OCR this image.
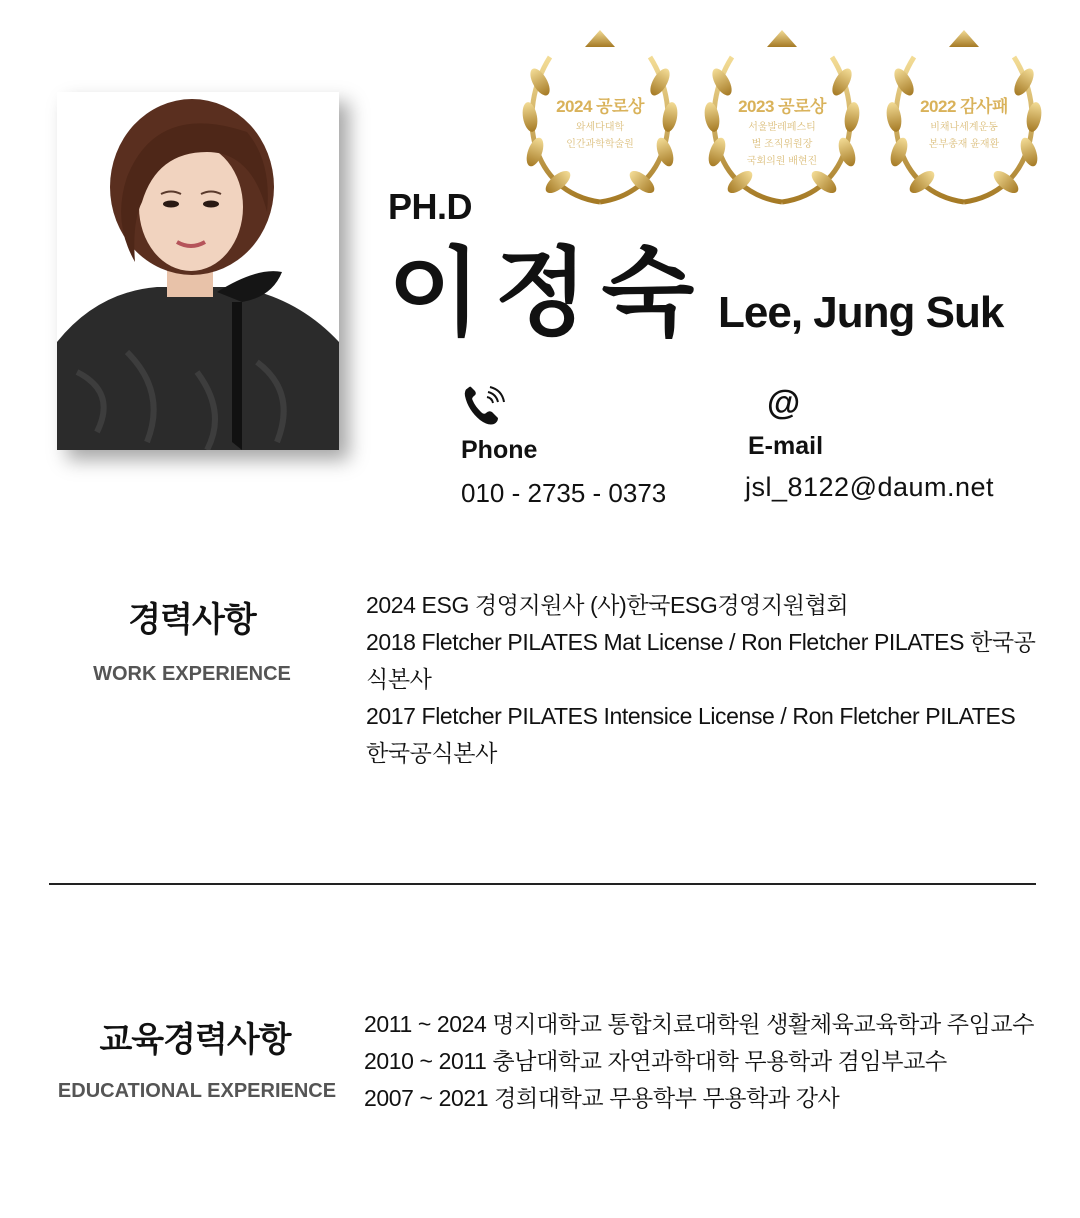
2024 공로상
와세다대학
인간과학학술원
2023 공로상
서울발레페스티
벌 조직위원장
국회의원 배현진
2022 감사패
비채나세계운동
본부총재 윤재환
PH.D
이정숙 Lee, Jung Suk
Phone
010 - 2735 - 0373
@
E-mail
jsl_8122@daum.net
경력사항
WORK EXPERIENCE
2024 ESG 경영지원사 (사)한국ESG경영지원협회
2018 Fletcher PILATES Mat License / Ron Fletcher PILATES 한국공식본사
2017 Fletcher PILATES Intensice License / Ron Fletcher PILATES 한국공식본사
교육경력사항
EDUCATIONAL EXPERIENCE
2011 ~ 2024 명지대학교 통합치료대학원 생활체육교육학과 주임교수
2010 ~ 2011 충남대학교 자연과학대학 무용학과 겸임부교수
2007 ~ 2021 경희대학교 무용학부 무용학과 강사
